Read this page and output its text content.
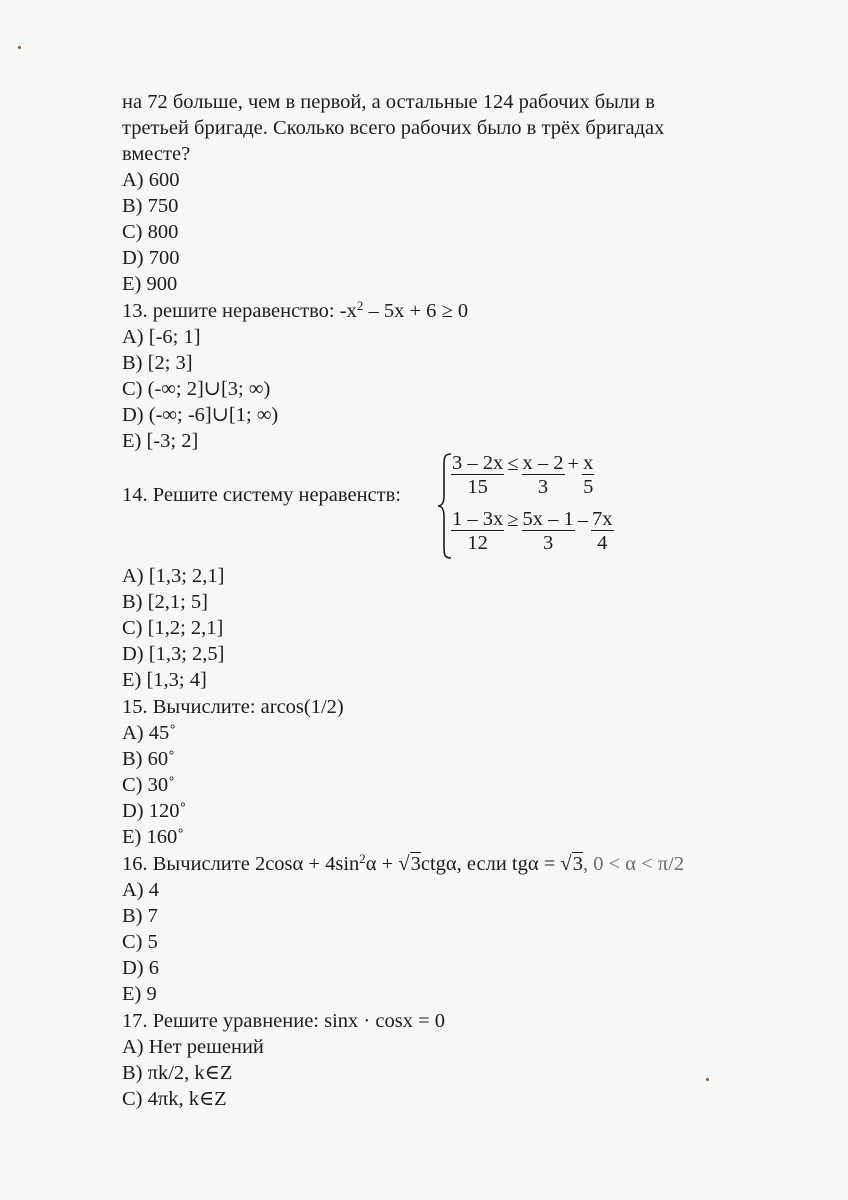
на 72 больше, чем в первой, а остальные 124 рабочих были в
третьей бригаде. Сколько всего рабочих было в трёх бригадах
вместе?
A) 600
B) 750
C) 800
D) 700
E) 900
13. решите неравенство: $-x^2 - 5x + 6 \ge 0$
A) [-6; 1]
B) [2; 3]
C) (-∞; 2]∪[3; ∞)
D) (-∞; -6]∪[1; ∞)
E) [-3; 2]
14. Решите систему неравенств: $\frac{3 - 2x}{15} \le \frac{x - 2}{3} + \frac{x}{5}$
$\frac{1 - 3x}{12} \ge \frac{5x - 1}{3} - \frac{7x}{4}$
A) [1,3; 2,1]
B) [2,1; 5]
C) [1,2; 2,1]
D) [1,3; 2,5]
E) [1,3; 4]
15. Вычислите: arcos(1/2)
A) 45˚
B) 60˚
C) 30˚
D) 120˚
E) 160˚
16. Вычислите $2\cos\alpha + 4\sin^2\alpha + √3ctg\alpha$, если tgα = √3, 0 < α < π/2
A) 4
B) 7
C) 5
D) 6
E) 9
17. Решите уравнение: sinx · cosx = 0
A) Нет решений
B) πk/2, k∈Z
C) 4πk, k∈Z
